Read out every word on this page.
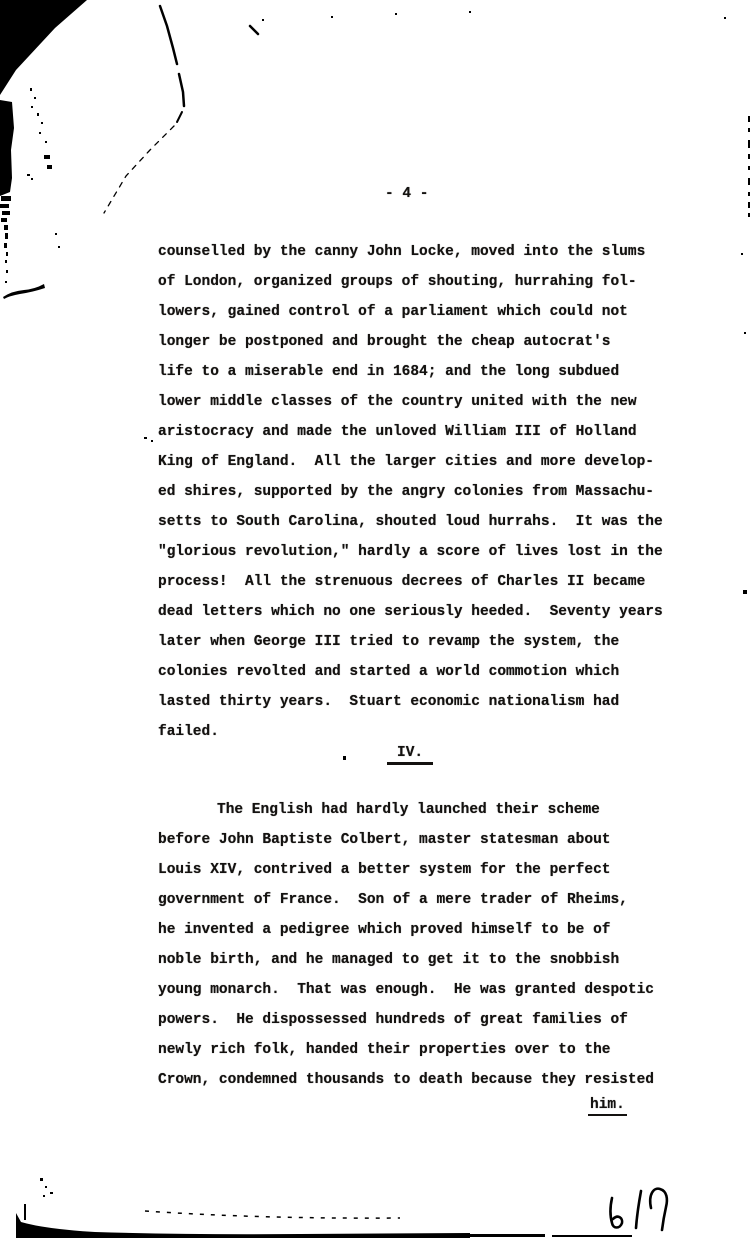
- 4 -
counselled by the canny John Locke, moved into the slums
of London, organized groups of shouting, hurrahing fol-
lowers, gained control of a parliament which could not
longer be postponed and brought the cheap autocrat's
life to a miserable end in 1684; and the long subdued
lower middle classes of the country united with the new
aristocracy and made the unloved William III of Holland
King of England.  All the larger cities and more develop-
ed shires, supported by the angry colonies from Massachu-
setts to South Carolina, shouted loud hurrahs.  It was the
"glorious revolution," hardly a score of lives lost in the
process!  All the strenuous decrees of Charles II became
dead letters which no one seriously heeded.  Seventy years
later when George III tried to revamp the system, the
colonies revolted and started a world commotion which
lasted thirty years.  Stuart economic nationalism had
failed.
IV.
The English had hardly launched their scheme
before John Baptiste Colbert, master statesman about
Louis XIV, contrived a better system for the perfect
government of France.  Son of a mere trader of Rheims,
he invented a pedigree which proved himself to be of
noble birth, and he managed to get it to the snobbish
young monarch.  That was enough.  He was granted despotic
powers.  He dispossessed hundreds of great families of
newly rich folk, handed their properties over to the
Crown, condemned thousands to death because they resisted
him.
